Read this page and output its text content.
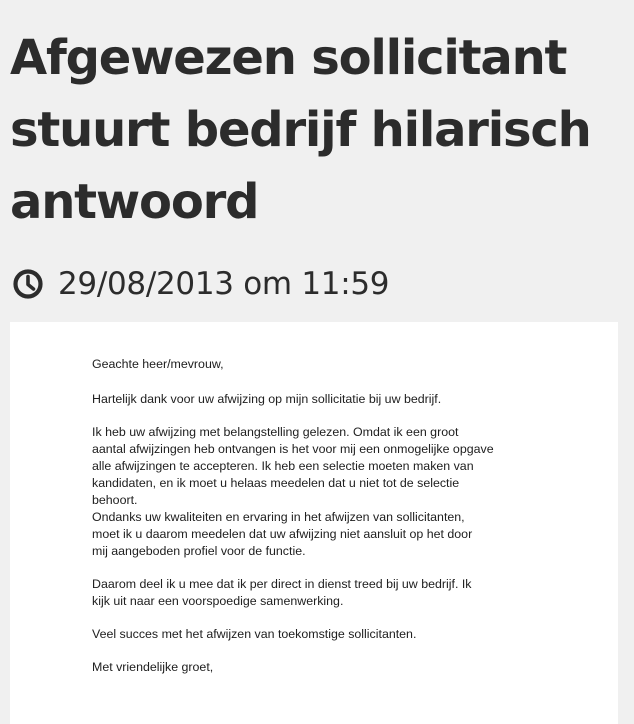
Afgewezen sollicitant stuurt bedrijf hilarisch antwoord
29/08/2013 om 11:59

Geachte heer/mevrouw,

Hartelijk dank voor uw afwijzing op mijn sollicitatie bij uw bedrijf.

Ik heb uw afwijzing met belangstelling gelezen. Omdat ik een groot
aantal afwijzingen heb ontvangen is het voor mij een onmogelijke opgave
alle afwijzingen te accepteren. Ik heb een selectie moeten maken van
kandidaten, en ik moet u helaas meedelen dat u niet tot de selectie
behoort.

Ondanks uw kwaliteiten en ervaring in het afwijzen van sollicitanten,
moet ik u daarom meedelen dat uw afwijzing niet aansluit op het door
mij aangeboden profiel voor de functie.

Daarom deel ik u mee dat ik per direct in dienst treed bij uw bedrijf. Ik
kijk uit naar een voorspoedige samenwerking.

Veel succes met het afwijzen van toekomstige sollicitanten.

Met vriendelijke groet,
